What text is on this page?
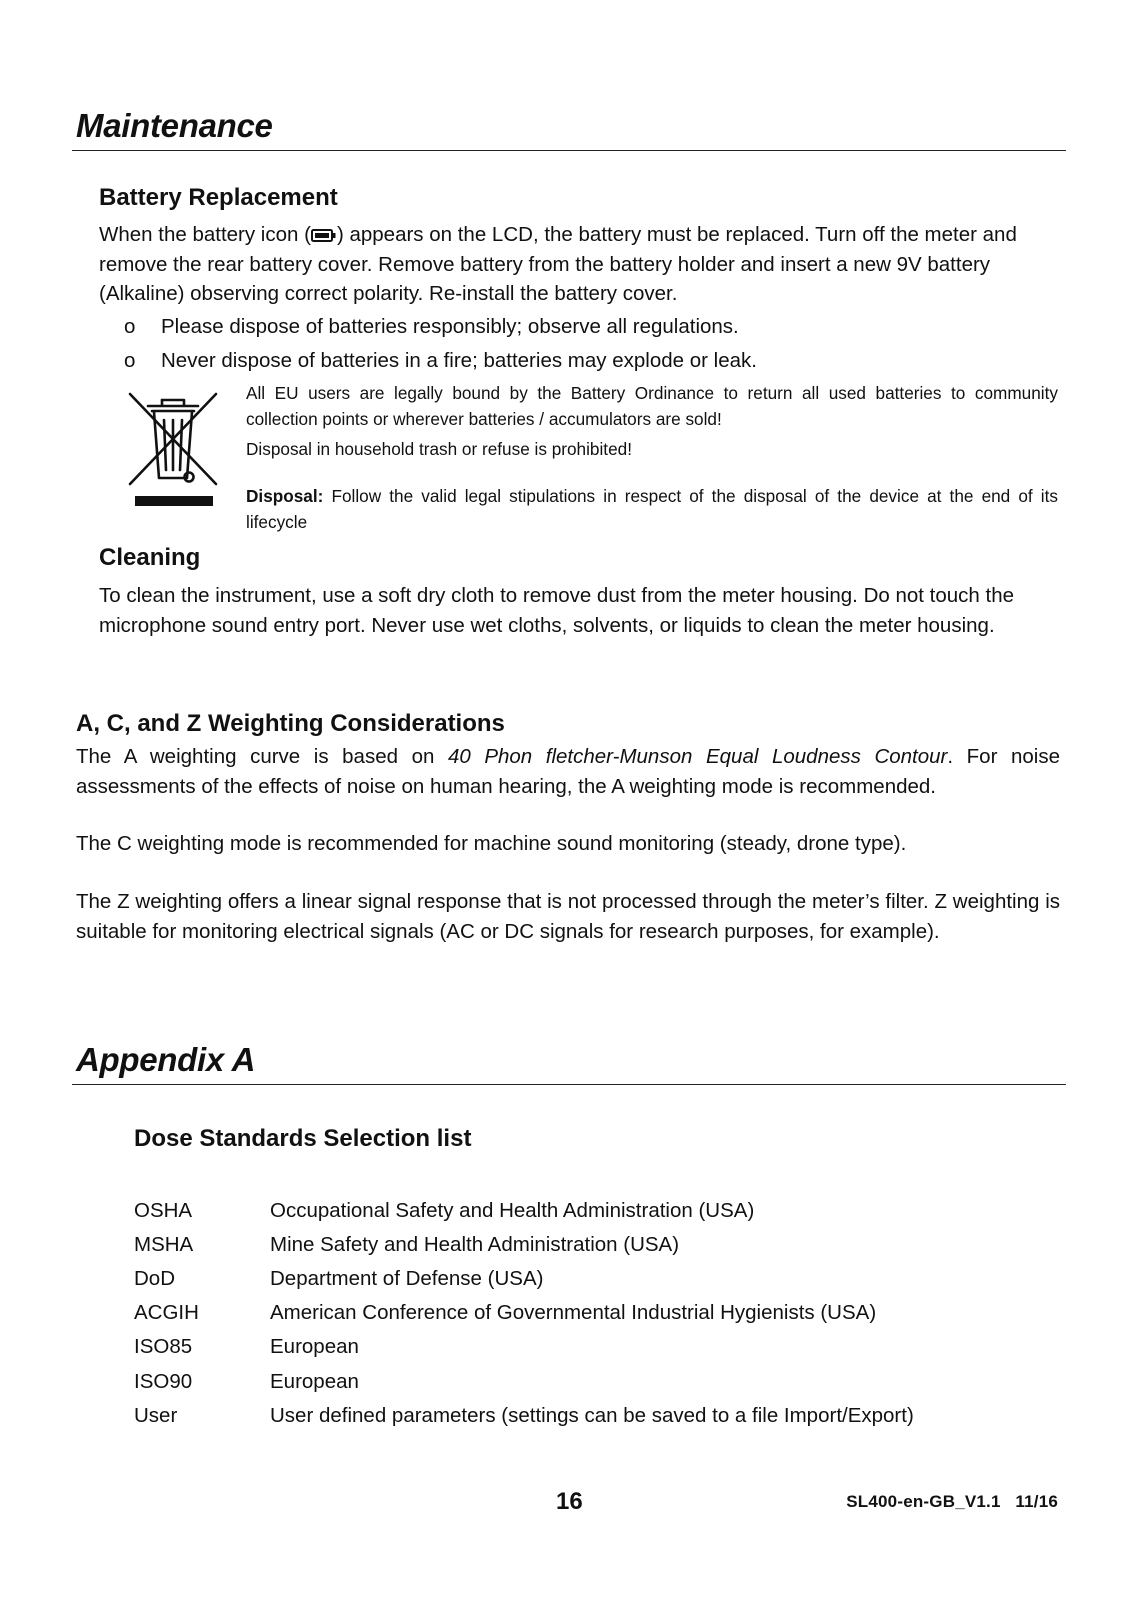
Maintenance
Battery Replacement

When the battery icon ( ) appears on the LCD, the battery must be replaced. Turn off the meter and remove the rear battery cover. Remove battery from the battery holder and insert a new 9V battery (Alkaline) observing correct polarity. Re-install the battery cover.

o Please dispose of batteries responsibly; observe all regulations.
o Never dispose of batteries in a fire; batteries may explode or leak.

All EU users are legally bound by the Battery Ordinance to return all used batteries to community collection points or wherever batteries / accumulators are sold!

Disposal in household trash or refuse is prohibited!

Disposal: Follow the valid legal stipulations in respect of the disposal of the device at the end of its lifecycle

Cleaning

To clean the instrument, use a soft dry cloth to remove dust from the meter housing. Do not touch the microphone sound entry port. Never use wet cloths, solvents, or liquids to clean the meter housing.

A, C, and Z Weighting Considerations

The A weighting curve is based on 40 Phon fletcher-Munson Equal Loudness Contour. For noise assessments of the effects of noise on human hearing, the A weighting mode is recommended.

The C weighting mode is recommended for machine sound monitoring (steady, drone type).

The Z weighting offers a linear signal response that is not processed through the meter’s filter. Z weighting is suitable for monitoring electrical signals (AC or DC signals for research purposes, for example).

Appendix A
Dose Standards Selection list
OSHA	Occupational Safety and Health Administration (USA)
MSHA	Mine Safety and Health Administration (USA)
DoD	Department of Defense (USA)
ACGIH	American Conference of Governmental Industrial Hygienists (USA)
ISO85	European
ISO90	European
User	User defined parameters (settings can be saved to a file Import/Export)
16	SL400-en-GB_V1.1   11/16
